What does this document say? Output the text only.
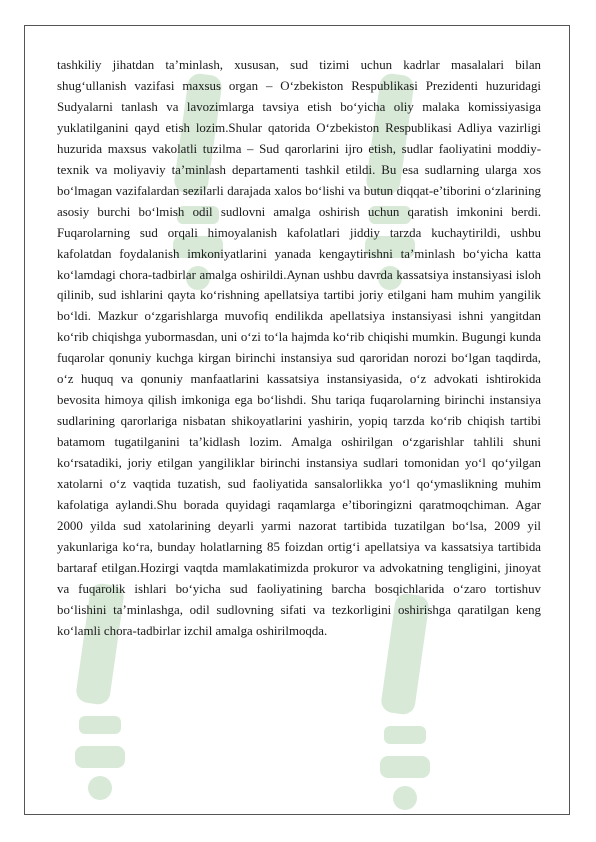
tashkiliy jihatdan ta’minlash, xususan, sud tizimi uchun kadrlar masalalari bilan shug‘ullanish vazifasi maxsus organ – O‘zbekiston Respublikasi Prezidenti huzuridagi Sudyalarni tanlash va lavozimlarga tavsiya etish bo‘yicha oliy malaka komissiyasiga yuklatilganini qayd etish lozim.Shular qatorida O‘zbekiston Respublikasi Adliya vazirligi huzurida maxsus vakolatli tuzilma – Sud qarorlarini ijro etish, sudlar faoliyatini moddiy-texnik va moliyaviy ta’minlash departamenti tashkil etildi. Bu esa sudlarning ularga xos bo‘lmagan vazifalardan sezilarli darajada xalos bo‘lishi va butun diqqat-e’tiborini o‘zlarining asosiy burchi bo‘lmish odil sudlovni amalga oshirish uchun qaratish imkonini berdi. Fuqarolarning sud orqali himoyalanish kafolatlari jiddiy tarzda kuchaytirildi, ushbu kafolatdan foydalanish imkoniyatlarini yanada kengaytirishni ta’minlash bo‘yicha katta ko‘lamdagi chora-tadbirlar amalga oshirildi.Aynan ushbu davrda kassatsiya instansiyasi isloh qilinib, sud ishlarini qayta ko‘rishning apellatsiya tartibi joriy etilgani ham muhim yangilik bo‘ldi. Mazkur o‘zgarishlarga muvofiq endilikda apellatsiya instansiyasi ishni yangitdan ko‘rib chiqishga yubormasdan, uni o‘zi to‘la hajmda ko‘rib chiqishi mumkin. Bugungi kunda fuqarolar qonuniy kuchga kirgan birinchi instansiya sud qaroridan norozi bo‘lgan taqdirda, o‘z huquq va qonuniy manfaatlarini kassatsiya instansiyasida, o‘z advokati ishtirokida bevosita himoya qilish imkoniga ega bo‘lishdi. Shu tariqa fuqarolarning birinchi instansiya sudlarining qarorlariga nisbatan shikoyatlarini yashirin, yopiq tarzda ko‘rib chiqish tartibi batamom tugatilganini ta’kidlash lozim. Amalga oshirilgan o‘zgarishlar tahlili shuni ko‘rsatadiki, joriy etilgan yangiliklar birinchi instansiya sudlari tomonidan yo‘l qo‘yilgan xatolarni o‘z vaqtida tuzatish, sud faoliyatida sansalorlikka yo‘l qo‘ymaslikning muhim kafolatiga aylandi.Shu borada quyidagi raqamlarga e’tiboringizni qaratmoqchiman. Agar 2000 yilda sud xatolarining deyarli yarmi nazorat tartibida tuzatilgan bo‘lsa, 2009 yil yakunlariga ko‘ra, bunday holatlarning 85 foizdan ortig‘i apellatsiya va kassatsiya tartibida bartaraf etilgan.Hozirgi vaqtda mamlakatimizda prokuror va advokatning tengligini, jinoyat va fuqarolik ishlari bo‘yicha sud faoliyatining barcha bosqichlarida o‘zaro tortishuv bo‘lishini ta’minlashga, odil sudlovning sifati va tezkorligini oshirishga qaratilgan keng ko‘lamli chora-tadbirlar izchil amalga oshirilmoqda.
